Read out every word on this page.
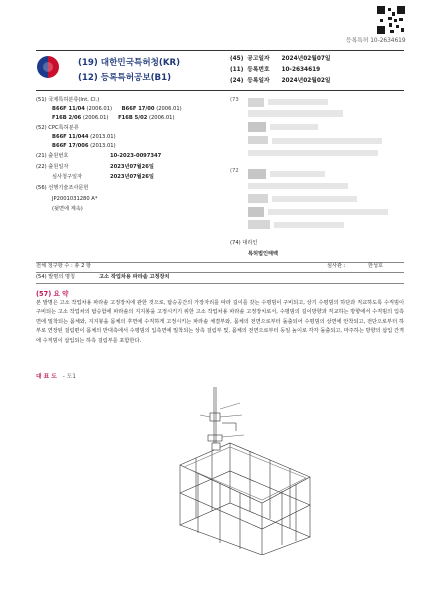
등록특허 10-2634619
(19) 대한민국특허청(KR)
(12) 등록특허공보(B1)
(45) 공고일자 2024년02월07일
(11) 등록번호 10-2634619
(24) 등록일자 2024년02월02일
(51) 국제특허분류(Int. Cl.)
B66F 11/04 (2006.01) B66F 17/00 (2006.01)
F16B 2/06 (2006.01) F16B 5/02 (2006.01)
(52) CPC특허분류
B66F 11/044 (2013.01)
B66F 17/006 (2013.01)
(21) 출원번호	10-2023-0097347
(22) 출원일자	2023년07월26일
심사청구일자	2023년07월26일
(56) 선행기술조사문헌
JP2001031280 A*
(뒷면에 계속)
(73
(72
(74) 대리인
특허법인태백
전체 청구항 수 : 총 2 항	심사관 :	한성호
(54) 발명의 명칭	고소 작업차용 파라솔 고정장치
(57) 요 약

본 발명은 고소 작업차용 파라솔 고정장치에 관한 것으로, 탑승공간의 가장자리를 따라 길이를 갖는 수평빔이 구비되고, 상기 수평빔의 하단과 직교하도록 수직빔이 구비되는 고소 작업차의 탑승함에 파라솔의 지지봉을 고정시키기 위한 고소 작업차용 파라솔 고정장치로서, 수평빔의 길이방향과 직교하는 방향에서 수직빔의 입측면에 밀착되는 몸체와, 지지봉을 몸체의 후면에 수직하게 고정시키는 파라솔 체결부와, 몸체의 전면으로부터 돌출되어 수평빔의 상면에 안착되고, 전단으로부터 하부로 연장된 걸림편이 몸체의 반대측에서 수평빔의 입측면에 밀착되는 상측 걸림부 및, 몸체의 전면으로부터 동일 높이로 각각 돌출되고, 마주하는 방향의 삽입 간격에 수직빔이 삽입되는 하측 걸림부를 포함한다.

대 표 도 - 도1
